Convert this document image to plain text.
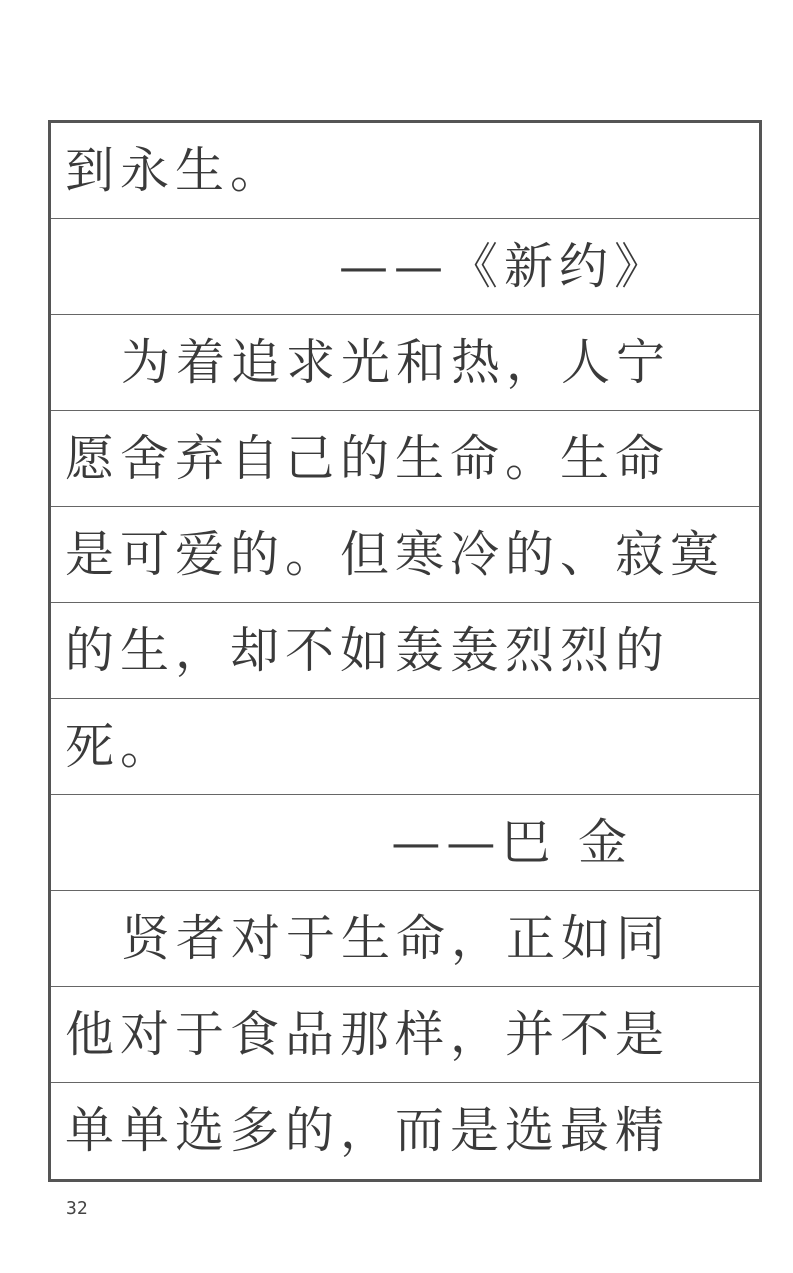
到永生。
——《新约》
为着追求光和热，人宁
愿舍弃自己的生命。生命
是可爱的。但寒冷的、寂寞
的生，却不如轰轰烈烈的
死。
——巴 金
贤者对于生命，正如同
他对于食品那样，并不是
单单选多的，而是选最精
32
